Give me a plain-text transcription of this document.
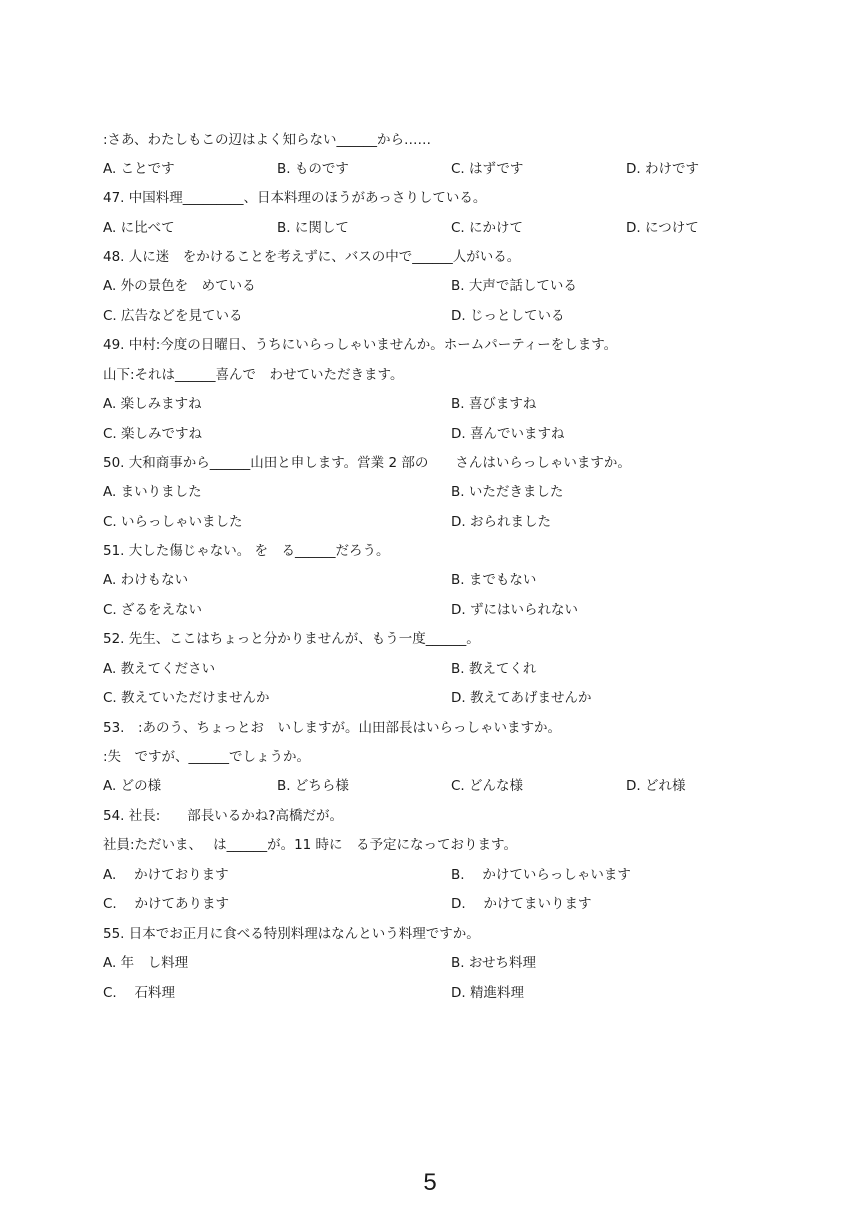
:さあ、わたしもこの辺はよく知らない______から……
A. ことです	B. ものです	C. はずです	D. わけです
47. 中国料理_________、日本料理のほうがあっさりしている。
A. に比べて	B. に関して	C. にかけて	D. につけて
48. 人に迷　をかけることを考えずに、バスの中で______人がいる。
A. 外の景色を　めている	B. 大声で話している
C. 広告などを見ている	D. じっとしている
49. 中村:今度の日曜日、うちにいらっしゃいませんか。ホームパーティーをします。
山下:それは______喜んで　わせていただきます。
A. 楽しみますね	B. 喜びますね
C. 楽しみですね	D. 喜んでいますね
50. 大和商事から______山田と申します。営業 2 部の　　さんはいらっしゃいますか。
A. まいりました	B. いただきました
C. いらっしゃいました	D. おられました
51. 大した傷じゃない。 を　る______だろう。
A. わけもない	B. までもない
C. ざるをえない	D. ずにはいられない
52. 先生、ここはちょっと分かりませんが、もう一度______。
A. 教えてください	B. 教えてくれ
C. 教えていただけませんか	D. 教えてあげませんか
53.　:あのう、ちょっとお　いしますが。山田部長はいらっしゃいますか。
:失　ですが、______でしょうか。
A. どの様	B. どちら様	C. どんな様	D. どれ様
54. 社長:　　部長いるかね?高橋だが。
社員:ただいま、　 は______が。11 時に　る予定になっております。
A.　 かけております	B.　 かけていらっしゃいます
C.　 かけてあります	D.　 かけてまいります
55. 日本でお正月に食べる特別料理はなんという料理ですか。
A. 年　し料理	B. おせち料理
C.　 石料理	D. 精進料理
5
